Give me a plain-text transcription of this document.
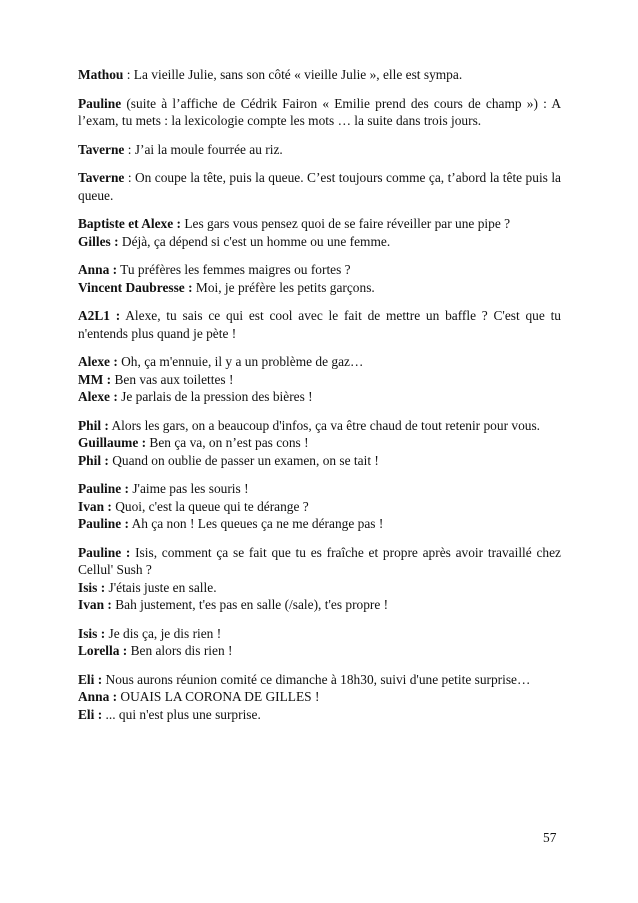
Mathou : La vieille Julie, sans son côté « vieille Julie », elle est sympa.
Pauline (suite à l’affiche de Cédrik Fairon « Emilie prend des cours de champ ») : A l’exam, tu mets : la lexicologie compte les mots … la suite dans trois jours.
Taverne : J’ai la moule fourrée au riz.
Taverne : On coupe la tête, puis la queue. C’est toujours comme ça, t’abord la tête puis la queue.
Baptiste et Alexe : Les gars vous pensez quoi de se faire réveiller par une pipe ?
Gilles : Déjà, ça dépend si c'est un homme ou une femme.
Anna : Tu préfères les femmes maigres ou fortes ?
Vincent Daubresse : Moi, je préfère les petits garçons.
A2L1 : Alexe, tu sais ce qui est cool avec le fait de mettre un baffle ? C'est que tu n'entends plus quand je pète !
Alexe : Oh, ça m'ennuie, il y a un problème de gaz…
MM : Ben vas aux toilettes !
Alexe : Je parlais de la pression des bières !
Phil : Alors les gars, on a beaucoup d'infos, ça va être chaud de tout retenir pour vous.
Guillaume : Ben ça va, on n’est pas cons !
Phil : Quand on oublie de passer un examen, on se tait !
Pauline : J'aime pas les souris !
Ivan : Quoi, c'est la queue qui te dérange ?
Pauline : Ah ça non ! Les queues ça ne me dérange pas !
Pauline : Isis, comment ça se fait que tu es fraîche et propre après avoir travaillé chez Cellul' Sush ?
Isis : J'étais juste en salle.
Ivan : Bah justement, t'es pas en salle (/sale), t'es propre !
Isis : Je dis ça, je dis rien !
Lorella : Ben alors dis rien !
Eli : Nous aurons réunion comité ce dimanche à 18h30, suivi d'une petite surprise…
Anna : OUAIS LA CORONA DE GILLES !
Eli : ... qui n'est plus une surprise.
57
